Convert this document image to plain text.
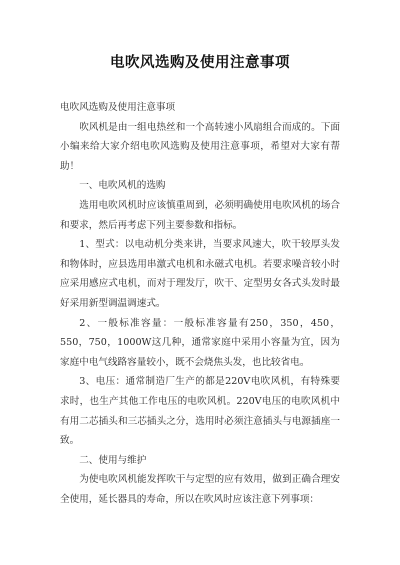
电吹风选购及使用注意事项

电吹风选购及使用注意事项

吹风机是由一组电热丝和一个高转速小风扇组合而成的。下面小编来给大家介绍电吹风选购及使用注意事项，希望对大家有帮助！

一、电吹风机的选购

选用电吹风机时应该慎重周到，必须明确使用电吹风机的场合和要求，然后再考虑下列主要参数和指标。

1、型式：以电动机分类来讲，当要求风速大，吹干较厚头发和物体时，应县选用串激式电机和永磁式电机。若要求噪音较小时应采用感应式电机，而对于理发厅，吹干、定型男女各式头发时最好采用新型调温调速式。

2、一般标准容量：一般标准容量有250，350，450，550，750，1000W这几种，通常家庭中采用小容量为宜，因为家庭中电气线路容量较小，既不会烧焦头发，也比较省电。

3、电压：通常制造厂生产的都是220V电吹风机，有特殊要求时，也生产其他工作电压的电吹风机。220V电压的电吹风机中有用二芯插头和三芯插头之分，选用时必须注意插头与电源插座一致。

二、使用与维护

为使电吹风机能发挥吹干与定型的应有效用，做到正确合理安全使用，延长器具的寿命，所以在吹风时应该注意下列事项：
